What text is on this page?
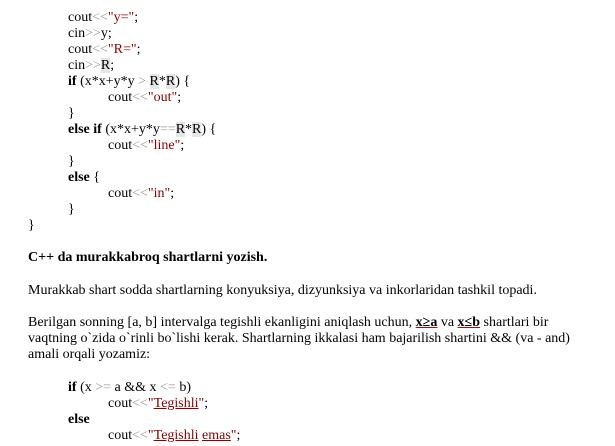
cout<<"y=";
cin>>y;
cout<<"R=";
cin>>R;
if (x*x+y*y > R*R) {
cout<<"out";
}
else if (x*x+y*y==R*R) {
cout<<"line";
}
else {
cout<<"in";
}
}
C++ da murakkabroq shartlarni yozish.
Murakkab shart sodda shartlarning konyuksiya, dizyunksiya va inkorlaridan tashkil topadi.
Berilgan sonning [a, b] intervalga tegishli ekanligini aniqlash uchun, x≥a va x≤b shartlari bir
vaqtning o`zida o`rinli bo`lishi kerak. Shartlarning ikkalasi ham bajarilish shartini && (va - and)
amali orqali yozamiz:
if (x >= a && x <= b)
cout<<"Tegishli";
else
cout<<"Tegishli emas";
